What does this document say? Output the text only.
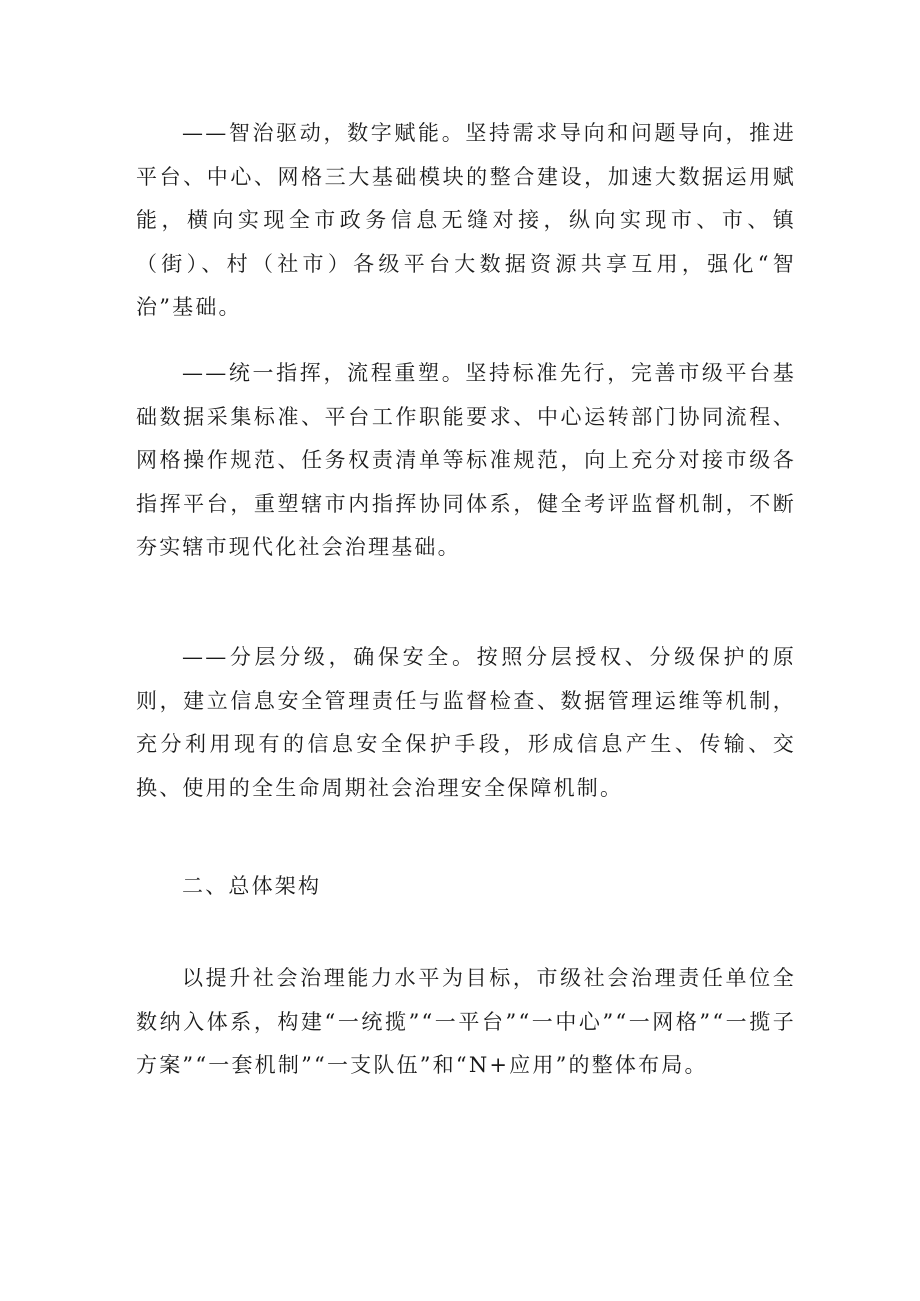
——智治驱动，数字赋能。坚持需求导向和问题导向，推进平台、中心、网格三大基础模块的整合建设，加速大数据运用赋能，横向实现全市政务信息无缝对接，纵向实现市、市、镇（街）、村（社市）各级平台大数据资源共享互用，强化“智治”基础。

——统一指挥，流程重塑。坚持标准先行，完善市级平台基础数据采集标准、平台工作职能要求、中心运转部门协同流程、网格操作规范、任务权责清单等标准规范，向上充分对接市级各指挥平台，重塑辖市内指挥协同体系，健全考评监督机制，不断夯实辖市现代化社会治理基础。

——分层分级，确保安全。按照分层授权、分级保护的原则，建立信息安全管理责任与监督检查、数据管理运维等机制，充分利用现有的信息安全保护手段，形成信息产生、传输、交换、使用的全生命周期社会治理安全保障机制。

二、总体架构

以提升社会治理能力水平为目标，市级社会治理责任单位全数纳入体系，构建“一统揽”“一平台”“一中心”“一网格”“一揽子方案”“一套机制”“一支队伍”和“N+应用”的整体布局。
